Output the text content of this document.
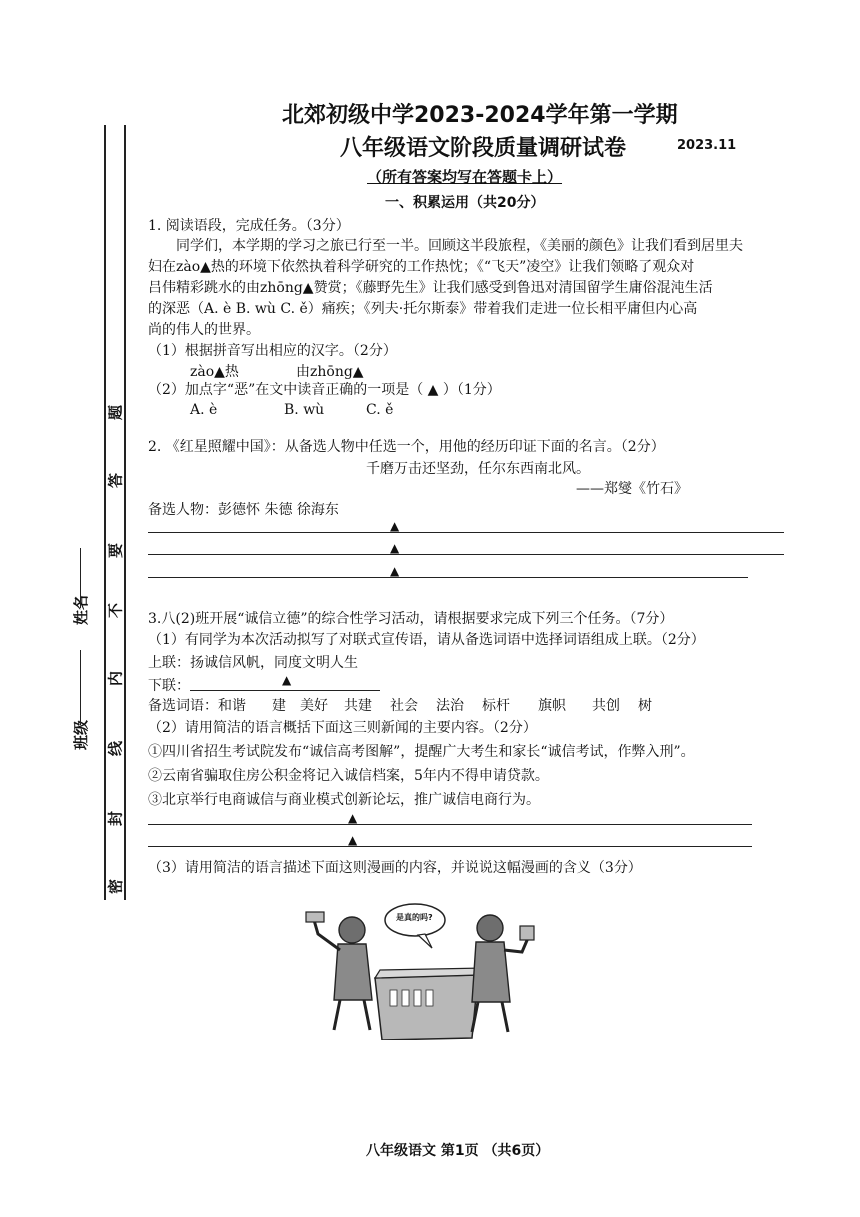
北郊初级中学2023-2024学年第一学期
八年级语文阶段质量调研试卷	2023.11
（所有答案均写在答题卡上）
一、积累运用（共20分）
题
答
要
不
内
线
封
密
班级
姓名
1. 阅读语段，完成任务。（3分）
同学们，本学期的学习之旅已行至一半。回顾这半段旅程，《美丽的颜色》让我们看到居里夫
妇在zào▲热的环境下依然执着科学研究的工作热忱；《“飞天”凌空》让我们领略了观众对
吕伟精彩跳水的由zhōng▲赞赏；《藤野先生》让我们感受到鲁迅对清国留学生庸俗混沌生活
的深恶（A. è B. wù C. ě）痛疾；《列夫·托尔斯泰》带着我们走进一位长相平庸但内心高
尚的伟人的世界。
（1）根据拼音写出相应的汉字。（2分）
zào▲热	由zhōng▲
（2）加点字“恶”在文中读音正确的一项是（ ▲ ）（1分）
A. è	B. wù	C. ě
2. 《红星照耀中国》：从备选人物中任选一个，用他的经历印证下面的名言。（2分）
千磨万击还坚劲，任尔东西南北风。
——郑燮《竹石》
备选人物：彭德怀 朱德 徐海东
▲
▲
▲
3.八(2)班开展“诚信立德”的综合性学习活动，请根据要求完成下列三个任务。（7分）
（1）有同学为本次活动拟写了对联式宣传语，请从备选词语中选择词语组成上联。（2分）
上联：扬诚信风帆，同度文明人生
下联：	▲
备选词语： 和谐 建 美好 共建 社会 法治 标杆 旗帜 共创 树
（2）请用简洁的语言概括下面这三则新闻的主要内容。（2分）
①四川省招生考试院发布“诚信高考图解”，提醒广大考生和家长“诚信考试，作弊入刑”。
②云南省骗取住房公积金将记入诚信档案，5年内不得申请贷款。
③北京举行电商诚信与商业模式创新论坛，推广诚信电商行为。
▲
▲
（3）请用简洁的语言描述下面这则漫画的内容，并说说这幅漫画的含义（3分）
是真的吗?
八年级语文 第1页 （共6页）
